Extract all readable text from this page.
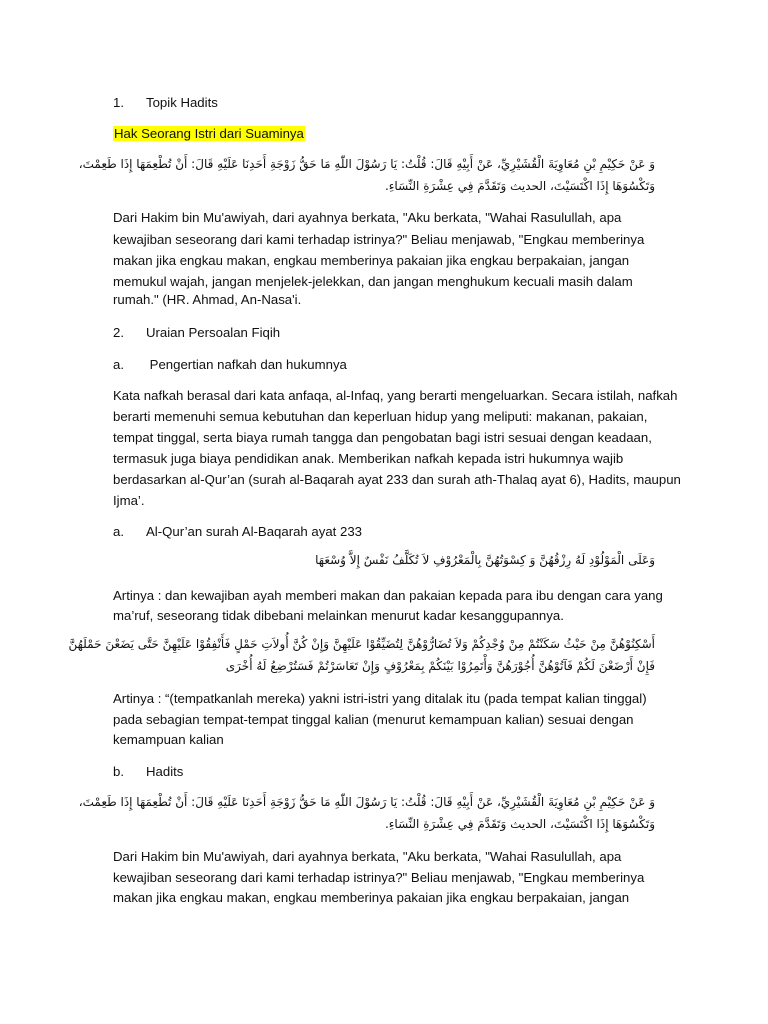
1. Topik Hadits
Hak Seorang Istri dari Suaminya
وَ عَنْ حَكِيْمِ بْنِ مُعَاوِيَةَ الْقُشَيْرِيِّ، عَنْ أَبِيْهِ قَالَ: قُلْتُ: يَا رَسُوْلَ اللّٰهِ مَا حَقُّ زَوْجَةِ أَحَدِنَا عَلَيْهِ قَالَ: أَنْ تُطْعِمَهَا إِذَا طَعِمْتَ،
وَتَكْسُوَهَا إِذَا اكْتَسَيْتَ، الحديث وَتَقَدَّمَ فِي عِشْرَةِ النِّسَاءِ.
Dari Hakim bin Mu'awiyah, dari ayahnya berkata, "Aku berkata, "Wahai Rasulullah, apa
kewajiban seseorang dari kami terhadap istrinya?" Beliau menjawab, "Engkau memberinya
makan jika engkau makan, engkau memberinya pakaian jika engkau berpakaian, jangan
memukul wajah, jangan menjelek-jelekkan, dan jangan menghukum kecuali masih dalam
rumah." (HR. Ahmad, An-Nasa'i.
2. Uraian Persoalan Fiqih
a. Pengertian nafkah dan hukumnya
Kata nafkah berasal dari kata anfaqa, al-Infaq, yang berarti mengeluarkan. Secara istilah, nafkah
berarti memenuhi semua kebutuhan dan keperluan hidup yang meliputi: makanan, pakaian,
tempat tinggal, serta biaya rumah tangga dan pengobatan bagi istri sesuai dengan keadaan,
termasuk juga biaya pendidikan anak. Memberikan nafkah kepada istri hukumnya wajib
berdasarkan al-Qur’an (surah al-Baqarah ayat 233 dan surah ath-Thalaq ayat 6), Hadits, maupun
Ijma’.
a. Al-Qur’an surah Al-Baqarah ayat 233
وَعَلَى الْمَوْلُوْدِ لَهُ رِزْقُهُنَّ وَ كِسْوَتُهُنَّ بِالْمَعْرُوْفِ لاَ تُكَلَّفُ نَفْسٌ إِلاَّ وُسْعَهَا
Artinya : dan kewajiban ayah memberi makan dan pakaian kepada para ibu dengan cara yang
ma’ruf, seseorang tidak dibebani melainkan menurut kadar kesanggupannya.
أَسْكِنُوْهُنَّ مِنْ حَيْثُ سَكَنْتُمْ مِنْ وُجْدِكُمْ وَلاَ تُضَارُّوْهُنَّ لِتُضَيِّقُوْا عَلَيْهِنَّ وَإِنْ كُنَّ أُولاَتِ حَمْلٍ فَأَنْفِقُوْا عَلَيْهِنَّ حَتَّى يَضَعْنَ حَمْلَهُنَّ
فَإِنْ أَرْضَعْنَ لَكُمْ فَآتُوْهُنَّ أُجُوْرَهُنَّ وَأْتَمِرُوْا بَيْنَكُمْ بِمَعْرُوْفٍ وَإِنْ تَعَاسَرْتُمْ فَسَتُرْضِعُ لَهُ أُخْرَى
Artinya : “(tempatkanlah mereka) yakni istri-istri yang ditalak itu (pada tempat kalian tinggal)
pada sebagian tempat-tempat tinggal kalian (menurut kemampuan kalian) sesuai dengan
kemampuan kalian
b. Hadits
وَ عَنْ حَكِيْمِ بْنِ مُعَاوِيَةَ الْقُشَيْرِيِّ، عَنْ أَبِيْهِ قَالَ: قُلْتُ: يَا رَسُوْلَ اللّٰهِ مَا حَقُّ زَوْجَةِ أَحَدِنَا عَلَيْهِ قَالَ: أَنْ تُطْعِمَهَا إِذَا طَعِمْتَ،
وَتَكْسُوَهَا إِذَا اكْتَسَيْتَ، الحديث وَتَقَدَّمَ فِي عِشْرَةِ النِّسَاءِ.
Dari Hakim bin Mu'awiyah, dari ayahnya berkata, "Aku berkata, "Wahai Rasulullah, apa
kewajiban seseorang dari kami terhadap istrinya?" Beliau menjawab, "Engkau memberinya
makan jika engkau makan, engkau memberinya pakaian jika engkau berpakaian, jangan
